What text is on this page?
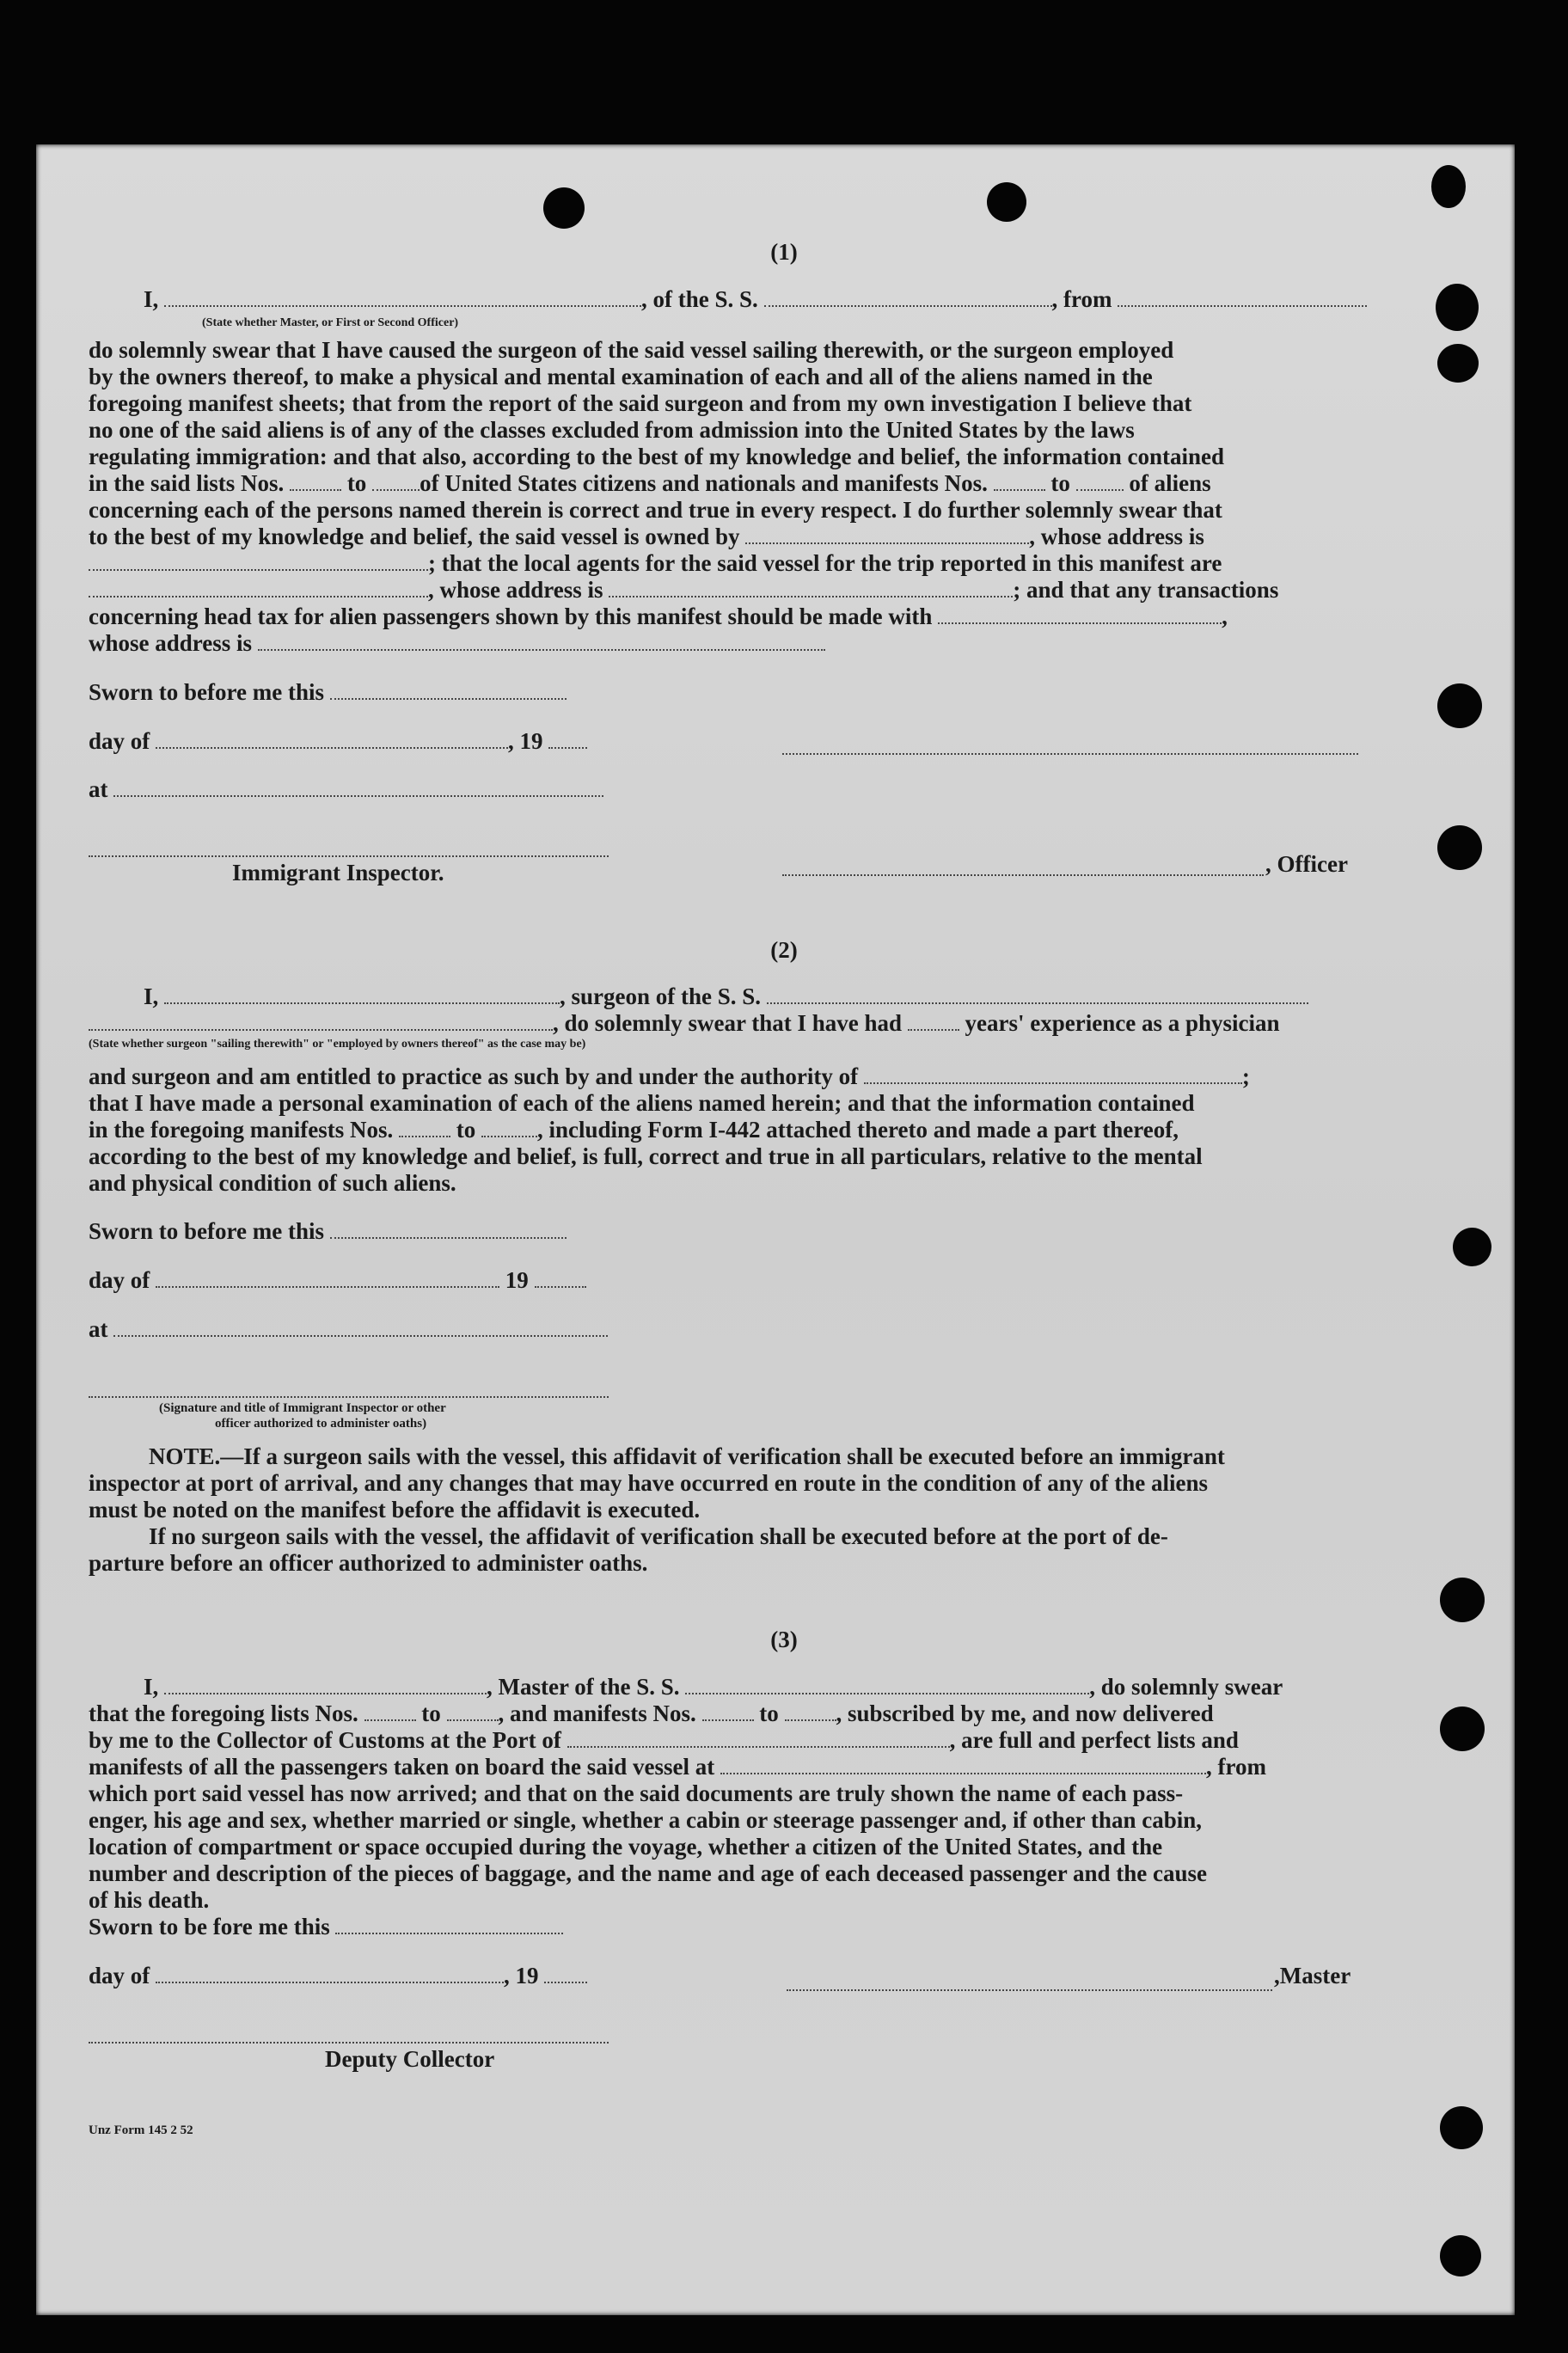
(1)
I,	, of the S. S.	, from
(State whether Master, or First or Second Officer)
do solemnly swear that I have caused the surgeon of the said vessel sailing therewith, or the surgeon employed
by the owners thereof, to make a physical and mental examination of each and all of the aliens named in the
foregoing manifest sheets; that from the report of the said surgeon and from my own investigation I believe that
no one of the said aliens is of any of the classes excluded from admission into the United States by the laws
regulating immigration: and that also, according to the best of my knowledge and belief, the information contained
in the said lists Nos.	to of United States citizens and nationals and manifests Nos.	to	of aliens
concerning each of the persons named therein is correct and true in every respect. I do further solemnly swear that
to the best of my knowledge and belief, the said vessel is owned by	, whose address is
; that the local agents for the said vessel for the trip reported in this manifest are
, whose address is	; and that any transactions
concerning head tax for alien passengers shown by this manifest should be made with	,
whose address is
Sworn to before me this
day of	, 19
at
Immigrant Inspector.	, Officer
(2)
I,	, surgeon of the S. S.
, do solemnly swear that I have had	years' experience as a physician
(State whether surgeon "sailing therewith" or "employed by owners thereof" as the case may be)
and surgeon and am entitled to practice as such by and under the authority of	;
that I have made a personal examination of each of the aliens named herein; and that the information contained
in the foregoing manifests Nos.	to	, including Form I-442 attached thereto and made a part thereof,
according to the best of my knowledge and belief, is full, correct and true in all particulars, relative to the mental
and physical condition of such aliens.
Sworn to before me this
day of	19
at
(Signature and title of Immigrant Inspector or other
officer authorized to administer oaths)
NOTE.—If a surgeon sails with the vessel, this affidavit of verification shall be executed before an immigrant
inspector at port of arrival, and any changes that may have occurred en route in the condition of any of the aliens
must be noted on the manifest before the affidavit is executed.
If no surgeon sails with the vessel, the affidavit of verification shall be executed before at the port of de-
parture before an officer authorized to administer oaths.
(3)
I,	, Master of the S. S.	, do solemnly swear
that the foregoing lists Nos.	to , and manifests Nos.	to , subscribed by me, and now delivered
by me to the Collector of Customs at the Port of	, are full and perfect lists and
manifests of all the passengers taken on board the said vessel at	, from
which port said vessel has now arrived; and that on the said documents are truly shown the name of each pass-
enger, his age and sex, whether married or single, whether a cabin or steerage passenger and, if other than cabin,
location of compartment or space occupied during the voyage, whether a citizen of the United States, and the
number and description of the pieces of baggage, and the name and age of each deceased passenger and the cause
of his death.
Sworn to be fore me this
day of	, 19	,Master
Deputy Collector
Unz Form 145 2 52
